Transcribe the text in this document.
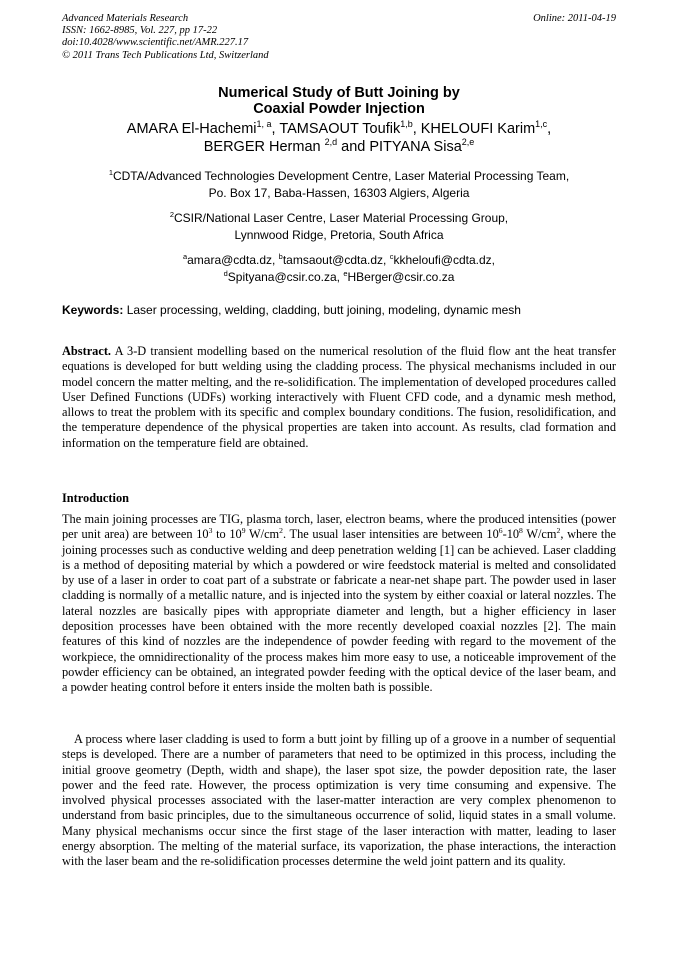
Advanced Materials Research
ISSN: 1662-8985, Vol. 227, pp 17-22
doi:10.4028/www.scientific.net/AMR.227.17
© 2011 Trans Tech Publications Ltd, Switzerland
Online: 2011-04-19
Numerical Study of Butt Joining by
Coaxial Powder Injection
AMARA El-Hachemi$^{1, a}$, TAMSAOUT Toufik$^{1,b}$, KHELOUFI Karim$^{1,c}$,
BERGER Herman $^{2,d}$ and PITYANA Sisa$^{2,e}$
$^1$CDTA/Advanced Technologies Development Centre, Laser Material Processing Team,
Po. Box 17, Baba-Hassen, 16303 Algiers, Algeria
$^2$CSIR/National Laser Centre, Laser Material Processing Group,
Lynnwood Ridge, Pretoria, South Africa
$^a$amara@cdta.dz, $^b$tamsaout@cdta.dz, $^c$kkheloufi@cdta.dz,
$^d$Spityana@csir.co.za, $^e$HBerger@csir.co.za
Keywords: Laser processing, welding, cladding, butt joining, modeling, dynamic mesh
Abstract. A 3-D transient modelling based on the numerical resolution of the fluid flow ant the heat transfer equations is developed for butt welding using the cladding process. The physical mechanisms included in our model concern the matter melting, and the re-solidification. The implementation of developed procedures called User Defined Functions (UDFs) working interactively with Fluent CFD code, and a dynamic mesh method, allows to treat the problem with its specific and complex boundary conditions. The fusion, resolidification, and the temperature dependence of the physical properties are taken into account. As results, clad formation and information on the temperature field are obtained.
Introduction
The main joining processes are TIG, plasma torch, laser, electron beams, where the produced intensities (power per unit area) are between $10^3$ to $10^9$ $W/cm^2$. The usual laser intensities are between $10^6-10^8$ $W/cm^2$, where the joining processes such as conductive welding and deep penetration welding [1] can be achieved. Laser cladding is a method of depositing material by which a powdered or wire feedstock material is melted and consolidated by use of a laser in order to coat part of a substrate or fabricate a near-net shape part. The powder used in laser cladding is normally of a metallic nature, and is injected into the system by either coaxial or lateral nozzles. The lateral nozzles are basically pipes with appropriate diameter and length, but a higher efficiency in laser deposition processes have been obtained with the more recently developed coaxial nozzles [2]. The main features of this kind of nozzles are the independence of powder feeding with regard to the movement of the workpiece, the omnidirectionality of the process makes him more easy to use, a noticeable improvement of the powder efficiency can be obtained, an integrated powder feeding with the optical device of the laser beam, and a powder heating control before it enters inside the molten bath is possible.
A process where laser cladding is used to form a butt joint by filling up of a groove in a number of sequential steps is developed. There are a number of parameters that need to be optimized in this process, including the initial groove geometry (Depth, width and shape), the laser spot size, the powder deposition rate, the laser power and the feed rate. However, the process optimization is very time consuming and expensive. The involved physical processes associated with the laser-matter interaction are very complex phenomenon to understand from basic principles, due to the simultaneous occurrence of solid, liquid states in a small volume. Many physical mechanisms occur since the first stage of the laser interaction with matter, leading to laser energy absorption. The melting of the material surface, its vaporization, the phase interactions, the interaction with the laser beam and the re-solidification processes determine the weld joint pattern and its quality.
